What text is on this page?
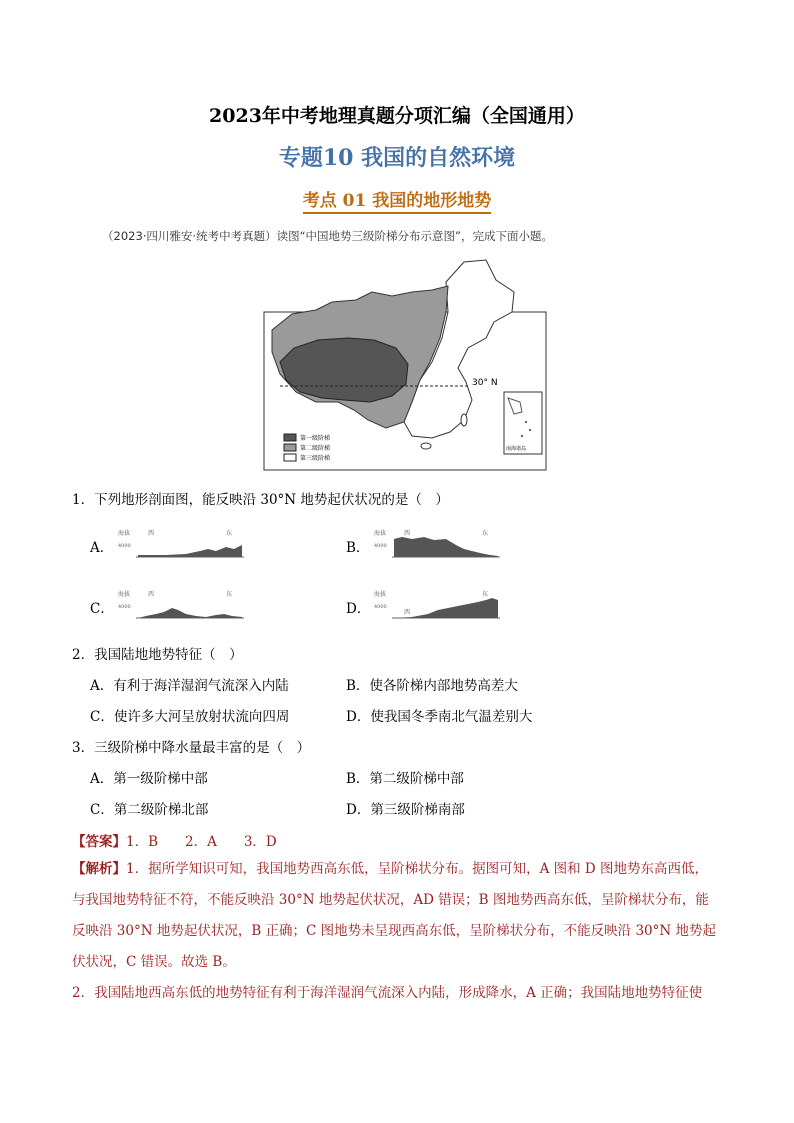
2023年中考地理真题分项汇编（全国通用）
专题10 我国的自然环境
考点 01 我国的地形地势
（2023·四川雅安·统考中考真题）读图“中国地势三级阶梯分布示意图”，完成下面小题。
30° N
第一级阶梯
第二级阶梯
第三级阶梯
南海诸岛
1．下列地形剖面图，能反映沿 30°N 地势起伏状况的是（　）
A．
海拔
4000
西	东
B．
海拔
4000
西	东
C．
海拔
4000
西	东
D．
海拔
4000
西
东
2．我国陆地地势特征（　）
A．有利于海洋湿润气流深入内陆	B．使各阶梯内部地势高差大
C．使许多大河呈放射状流向四周	D．使我国冬季南北气温差别大
3．三级阶梯中降水量最丰富的是（　）
A．第一级阶梯中部	B．第二级阶梯中部
C．第二级阶梯北部	D．第三级阶梯南部
【答案】1．B　　2．A　　3．D
【解析】1．据所学知识可知，我国地势西高东低，呈阶梯状分布。据图可知，A 图和 D 图地势东高西低，
与我国地势特征不符，不能反映沿 30°N 地势起伏状况，AD 错误；B 图地势西高东低，呈阶梯状分布，能
反映沿 30°N 地势起伏状况，B 正确；C 图地势未呈现西高东低，呈阶梯状分布，不能反映沿 30°N 地势起
伏状况，C 错误。故选 B。
2．我国陆地西高东低的地势特征有利于海洋湿润气流深入内陆，形成降水，A 正确；我国陆地地势特征使
